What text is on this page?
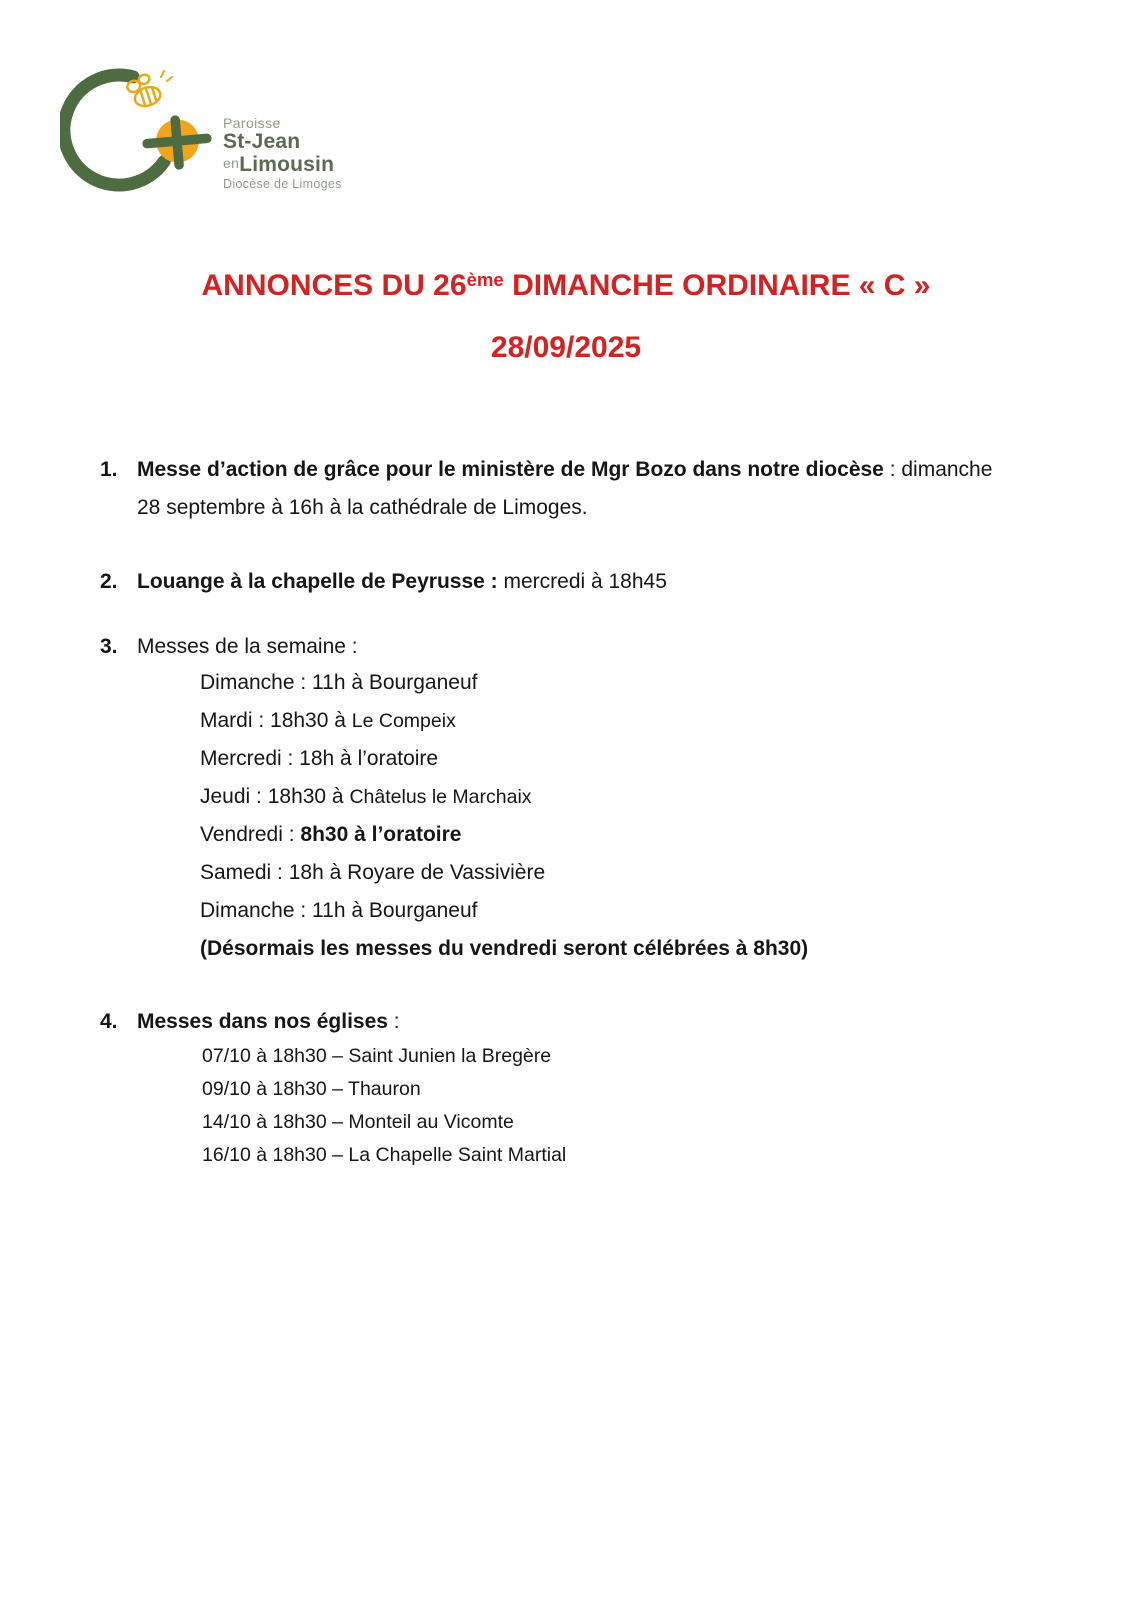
Paroisse
St-Jean
enLimousin
Diocèse de Limoges
ANNONCES DU 26ème DIMANCHE ORDINAIRE « C »
28/09/2025
1. Messe d’action de grâce pour le ministère de Mgr Bozo dans notre diocèse : dimanche
28 septembre à 16h à la cathédrale de Limoges.
2. Louange à la chapelle de Peyrusse : mercredi à 18h45
3. Messes de la semaine :
Dimanche : 11h à Bourganeuf
Mardi : 18h30 à Le Compeix
Mercredi : 18h à l’oratoire
Jeudi : 18h30 à Châtelus le Marchaix
Vendredi : 8h30 à l’oratoire
Samedi : 18h à Royare de Vassivière
Dimanche : 11h à Bourganeuf
(Désormais les messes du vendredi seront célébrées à 8h30)
4. Messes dans nos églises :
07/10 à 18h30 – Saint Junien la Bregère
09/10 à 18h30 – Thauron
14/10 à 18h30 – Monteil au Vicomte
16/10 à 18h30 – La Chapelle Saint Martial
